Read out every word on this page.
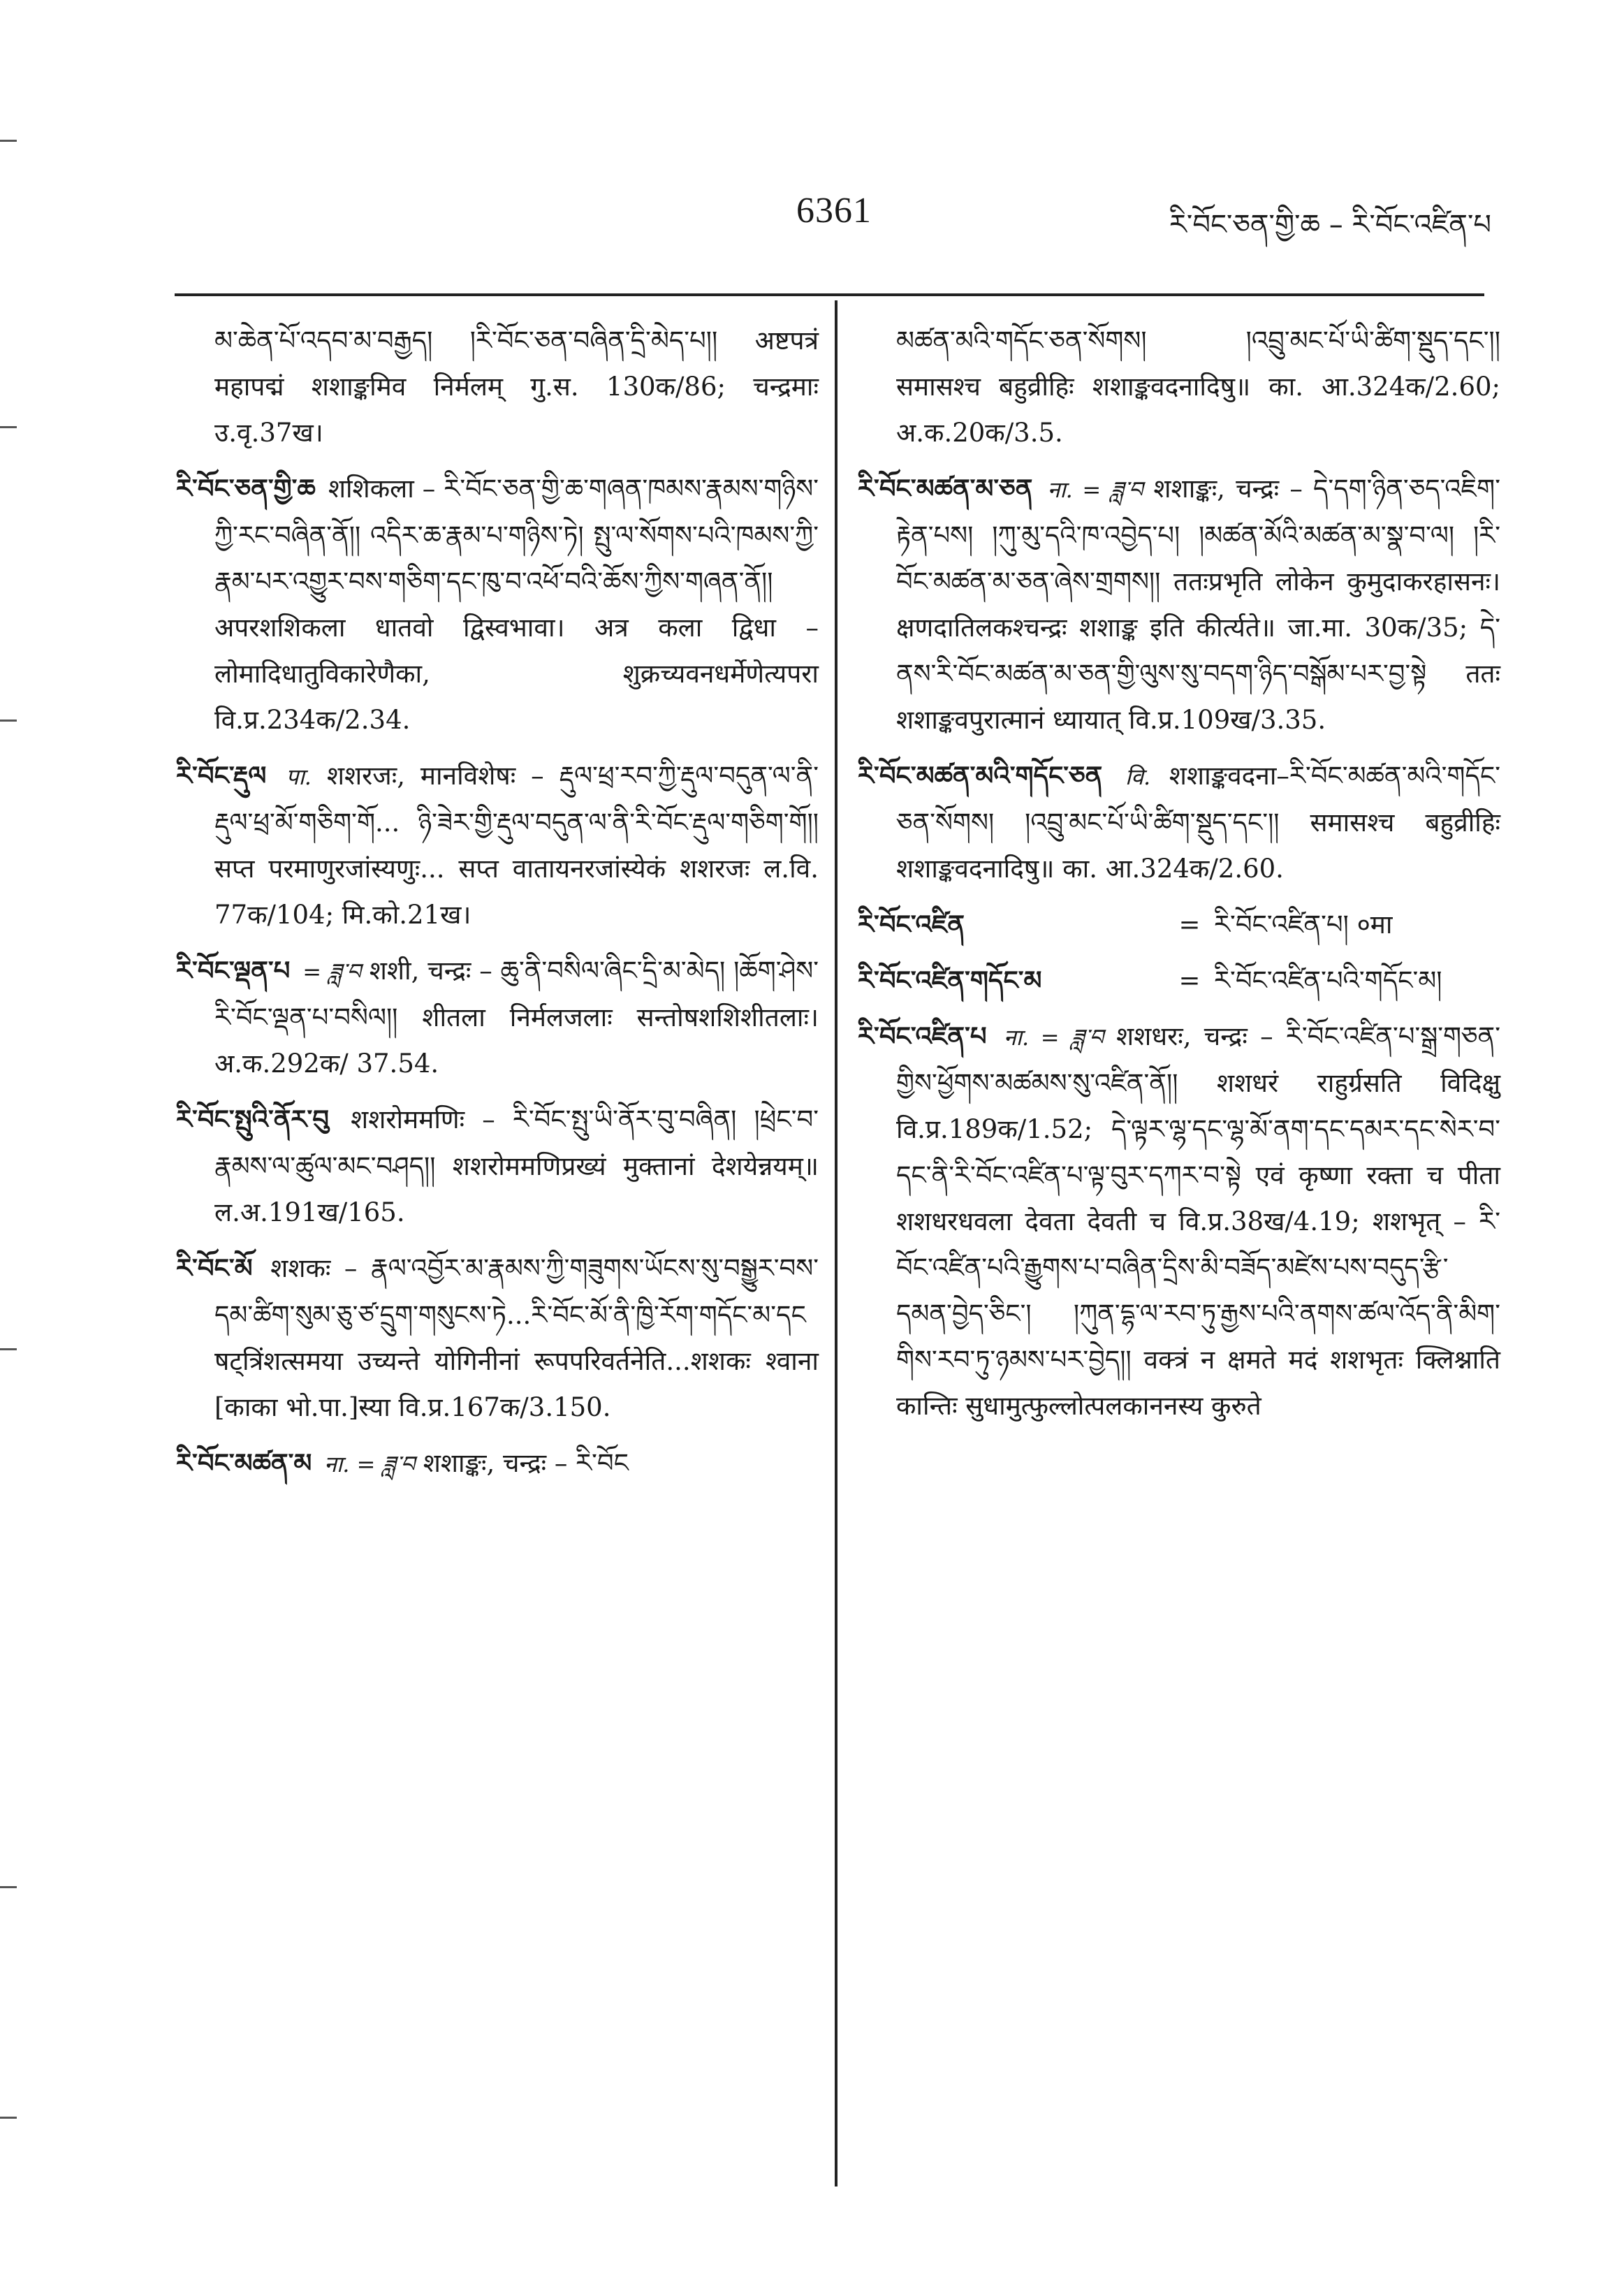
6361	རི་བོང་ཅན་གྱི་ཆ – རི་བོང་འཛིན་པ

མ་ཆེན་པོ་འདབ་མ་བརྒྱད། །རི་བོང་ཅན་བཞིན་དྲི་མེད་པ།། अष्टपत्रं महापद्मं शशाङ्कमिव निर्मलम् गु.स. 130क/86; चन्द्रमाः उ.वृ.37ख।

རི་བོང་ཅན་གྱི་ཆ शशिकला – རི་བོང་ཅན་གྱི་ཆ་གཞན་ཁམས་རྣམས་གཉིས་ཀྱི་རང་བཞིན་ནོ།། འདིར་ཆ་རྣམ་པ་གཉིས་ཏེ། སྤུ་ལ་སོགས་པའི་ཁམས་ཀྱི་རྣམ་པར་འགྱུར་བས་གཅིག་དང་ཁུ་བ་འཕོ་བའི་ཆོས་ཀྱིས་གཞན་ནོ།། अपरशशिकला धातवो द्विस्वभावा। अत्र कला द्विधा –लोमादिधातुविकारेणैका, शुक्रच्यवनधर्मेणेत्यपरा वि.प्र.234क/2.34.

རི་བོང་རྡུལ पा. शशरजः, मानविशेषः – རྡུལ་ཕྲ་རབ་ཀྱི་རྡུལ་བདུན་ལ་ནི་རྡུལ་ཕྲ་མོ་གཅིག་གོ... ཉི་ཟེར་གྱི་རྡུལ་བདུན་ལ་ནི་རི་བོང་རྡུལ་གཅིག་གོ།། सप्त परमाणुरजांस्यणुः... सप्त वातायनरजांस्येकं शशरजः ल.वि. 77क/104; मि.को.21ख।

རི་བོང་ལྡན་པ = ཟླ་བ शशी, चन्द्रः – ཆུ་ནི་བསིལ་ཞིང་དྲི་མ་མེད། །ཆོག་ཤེས་རི་བོང་ལྡན་པ་བསིལ།། शीतला निर्मलजलाः सन्तोषशशिशीतलाः। अ.क.292क/ 37.54.

རི་བོང་སྤུའི་ནོར་བུ शशरोममणिः – རི་བོང་སྤུ་ཡི་ནོར་བུ་བཞིན། །ཕྲེང་བ་རྣམས་ལ་ཚུལ་མང་བཤད།། शशरोममणिप्रख्यं मुक्तानां देशयेन्नयम्॥ ल.अ.191ख/165.

རི་བོང་མོ शशकः – རྣལ་འབྱོར་མ་རྣམས་ཀྱི་གཟུགས་ཡོངས་སུ་བསྒྱུར་བས་དམ་ཚིག་སུམ་ཅུ་ཙ་དྲུག་གསུངས་ཏེ...རི་བོང་མོ་ནི་ཁྱི་རོག་གདོང་མ་དང षट्त्रिंशत्समया उच्यन्ते योगिनीनां रूपपरिवर्तनेति...शशकः श्वाना [काका भो.पा.]स्या वि.प्र.167क/3.150.

རི་བོང་མཚན་མ ना. = ཟླ་བ शशाङ्कः, चन्द्रः – རི་བོང

མཚན་མའི་གདོང་ཅན་སོགས། །འབྲུ་མང་པོ་ཡི་ཚིག་སྡུད་དང་།། समासश्च बहुव्रीहिः शशाङ्कवदनादिषु॥ का. आ.324क/2.60; अ.क.20क/3.5.

རི་བོང་མཚན་མ་ཅན ना. = ཟླ་བ शशाङ्कः, चन्द्रः – དེ་དག་ཉིན་ཅད་འཇིག་རྟེན་པས། །ཀུ་མུ་དའི་ཁ་འབྱེད་པ། །མཚན་མོའི་མཚན་མ་སྣ་བ་ལ། །རི་བོང་མཚན་མ་ཅན་ཞེས་གྲགས།། ततःप्रभृति लोकेन कुमुदाकरहासनः। क्षणदातिलकश्चन्द्रः शशाङ्क इति कीर्त्यते॥ जा.मा. 30क/35; དེ་ནས་རི་བོང་མཚན་མ་ཅན་གྱི་ལུས་སུ་བདག་ཉིད་བསྒོམ་པར་བྱ་སྟེ ततः शशाङ्कवपुरात्मानं ध्यायात् वि.प्र.109ख/3.35.

རི་བོང་མཚན་མའི་གདོང་ཅན वि. शशाङ्कवदना–རི་བོང་མཚན་མའི་གདོང་ཅན་སོགས། །འབྲུ་མང་པོ་ཡི་ཚིག་སྡུད་དང་།། समासश्च बहुव्रीहिः शशाङ्कवदनादिषु॥ का. आ.324क/2.60.

རི་བོང་འཛིན	= རི་བོང་འཛིན་པ། ०मा
རི་བོང་འཛིན་གདོང་མ	= རི་བོང་འཛིན་པའི་གདོང་མ།

རི་བོང་འཛིན་པ ना. = ཟླ་བ शशधरः, चन्द्रः – རི་བོང་འཛིན་པ་སྒྲ་གཅན་གྱིས་ཕྱོགས་མཚམས་སུ་འཛིན་ནོ།། शशधरं राहुर्ग्रसति विदिक्षु वि.प्र.189क/1.52; དེ་ལྟར་ལྷ་དང་ལྷ་མོ་ནག་དང་དམར་དང་སེར་བ་དང་ནི་རི་བོང་འཛིན་པ་ལྟ་བུར་དཀར་བ་སྟེ एवं कृष्णा रक्ता च पीता शशधरधवला देवता देवती च वि.प्र.38ख/4.19; शशभृत् – རི་བོང་འཛིན་པའི་རྒྱུགས་པ་བཞིན་དྲིས་མི་བཟོད་མཛེས་པས་བདུད་རྩི་དམན་བྱེད་ཅིང་། །ཀུན་དྷ་ལ་རབ་ཏུ་རྒྱས་པའི་ནགས་ཚལ་འོད་ནི་མིག་གིས་རབ་ཏུ་ཉམས་པར་བྱེད།། वक्त्रं न क्षमते मदं शशभृतः क्लिश्नाति कान्तिः सुधामुत्फुल्लोत्पलकाननस्य कुरुते
